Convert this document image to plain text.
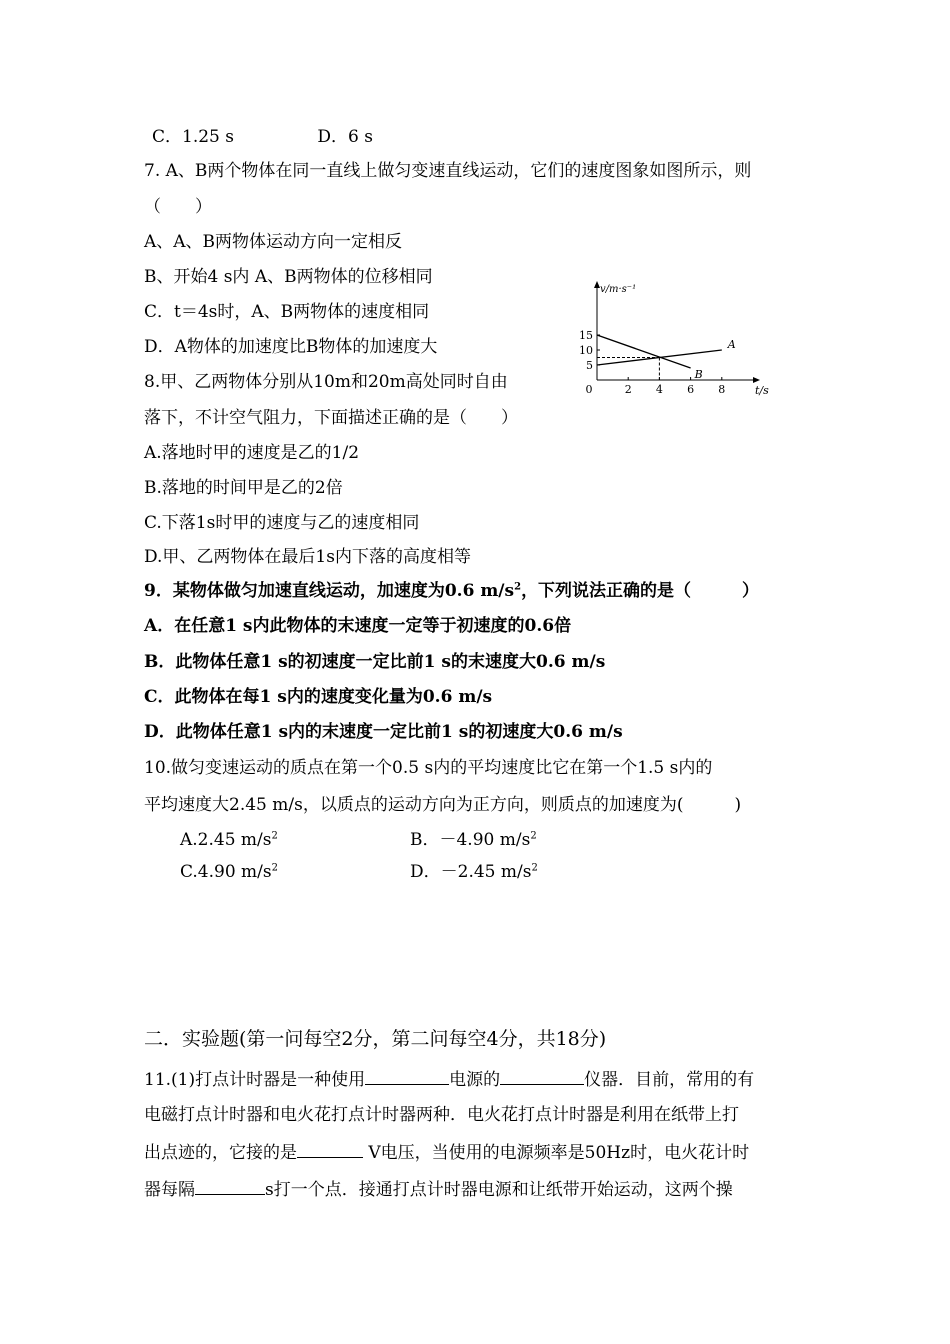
C．1.25 s	D．6 s
7. A、B两个物体在同一直线上做匀变速直线运动，它们的速度图象如图所示，则
（　　）
A、A、B两物体运动方向一定相反
B、开始4 s内 A、B两物体的位移相同
C．t＝4s时，A、B两物体的速度相同
D．A物体的加速度比B物体的加速度大
8.甲、乙两物体分别从10m和20m高处同时自由
落下，不计空气阻力，下面描述正确的是（　　）
A.落地时甲的速度是乙的1/2
B.落地的时间甲是乙的2倍
C.下落1s时甲的速度与乙的速度相同
D.甲、乙两物体在最后1s内下落的高度相等
9．某物体做匀加速直线运动，加速度为0.6 $m/s^2$，下列说法正确的是（　　　）
A．在任意1 s内此物体的末速度一定等于初速度的0.6倍
B．此物体任意1 s的初速度一定比前1 s的末速度大0.6 m/s
C．此物体在每1 s内的速度变化量为0.6 m/s
D．此物体任意1 s内的末速度一定比前1 s的初速度大0.6 m/s
10.做匀变速运动的质点在第一个0.5 s内的平均速度比它在第一个1.5 s内的
平均速度大2.45 m/s，以质点的运动方向为正方向，则质点的加速度为(　　　)
A.2.45 $m/s^2$	B．－4.90 $m/s^2$
C.4.90 $m/s^2$	D．－2.45 $m/s^2$
二．实验题(第一问每空2分，第二问每空4分，共18分)
11.(1)打点计时器是一种使用	电源的	仪器．目前，常用的有
电磁打点计时器和电火花打点计时器两种．电火花打点计时器是利用在纸带上打
出点迹的，它接的是	V电压，当使用的电源频率是50Hz时，电火花计时
器每隔	s打一个点．接通打点计时器电源和让纸带开始运动，这两个操
2 4 6 8
5
10
15
0
v/m·s⁻¹
t/s
A
B
